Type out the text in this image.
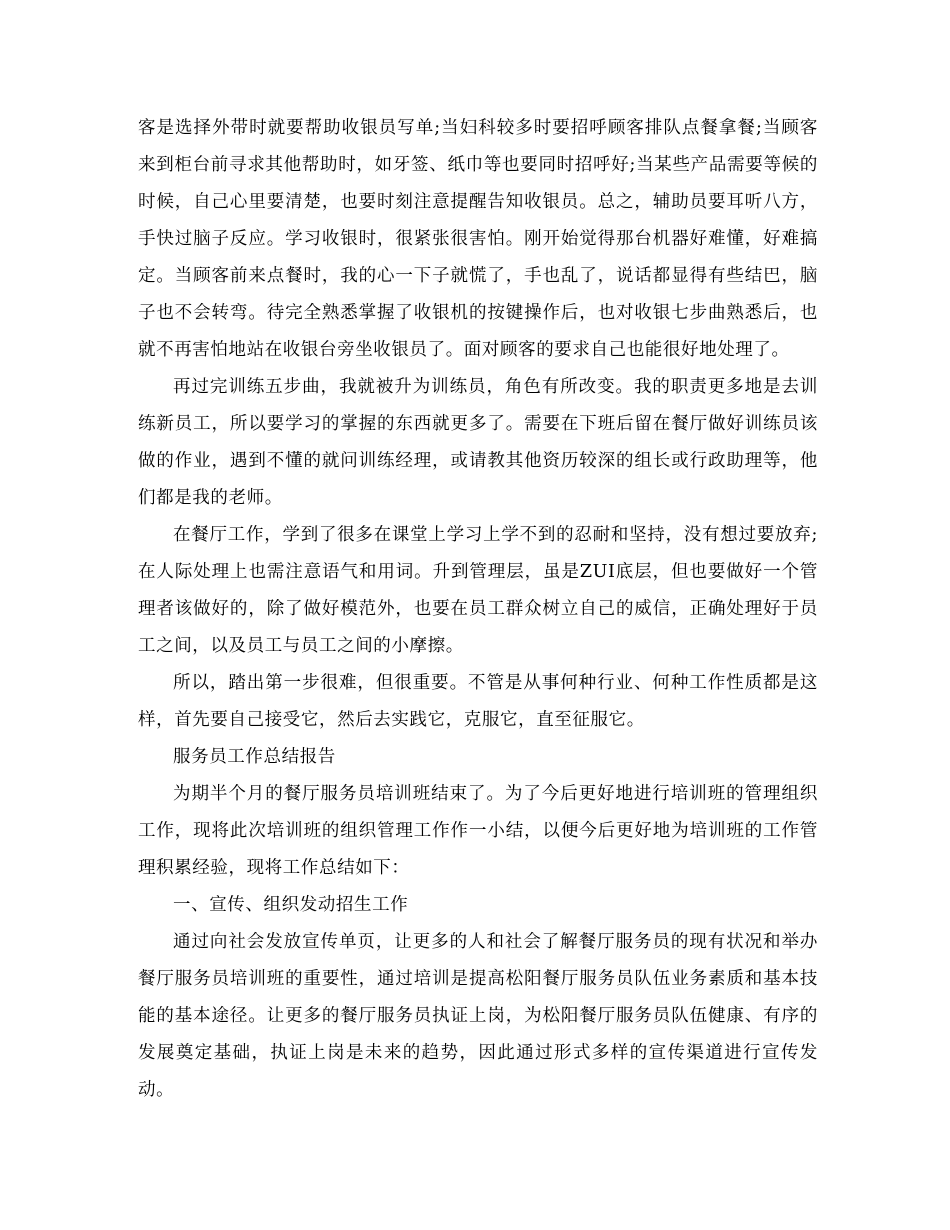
客是选择外带时就要帮助收银员写单;当妇科较多时要招呼顾客排队点餐拿餐;当顾客来到柜台前寻求其他帮助时，如牙签、纸巾等也要同时招呼好;当某些产品需要等候的时候，自己心里要清楚，也要时刻注意提醒告知收银员。总之，辅助员要耳听八方，手快过脑子反应。学习收银时，很紧张很害怕。刚开始觉得那台机器好难懂，好难搞定。当顾客前来点餐时，我的心一下子就慌了，手也乱了，说话都显得有些结巴，脑子也不会转弯。待完全熟悉掌握了收银机的按键操作后，也对收银七步曲熟悉后，也就不再害怕地站在收银台旁坐收银员了。面对顾客的要求自己也能很好地处理了。

再过完训练五步曲，我就被升为训练员，角色有所改变。我的职责更多地是去训练新员工，所以要学习的掌握的东西就更多了。需要在下班后留在餐厅做好训练员该做的作业，遇到不懂的就问训练经理，或请教其他资历较深的组长或行政助理等，他们都是我的老师。

在餐厅工作，学到了很多在课堂上学习上学不到的忍耐和坚持，没有想过要放弃;在人际处理上也需注意语气和用词。升到管理层，虽是ZUI底层，但也要做好一个管理者该做好的，除了做好模范外，也要在员工群众树立自己的威信，正确处理好于员工之间，以及员工与员工之间的小摩擦。

所以，踏出第一步很难，但很重要。不管是从事何种行业、何种工作性质都是这样，首先要自己接受它，然后去实践它，克服它，直至征服它。

服务员工作总结报告

为期半个月的餐厅服务员培训班结束了。为了今后更好地进行培训班的管理组织工作，现将此次培训班的组织管理工作作一小结，以便今后更好地为培训班的工作管理积累经验，现将工作总结如下：

一、宣传、组织发动招生工作

通过向社会发放宣传单页，让更多的人和社会了解餐厅服务员的现有状况和举办餐厅服务员培训班的重要性，通过培训是提高松阳餐厅服务员队伍业务素质和基本技能的基本途径。让更多的餐厅服务员执证上岗，为松阳餐厅服务员队伍健康、有序的发展奠定基础，执证上岗是未来的趋势，因此通过形式多样的宣传渠道进行宣传发动。
